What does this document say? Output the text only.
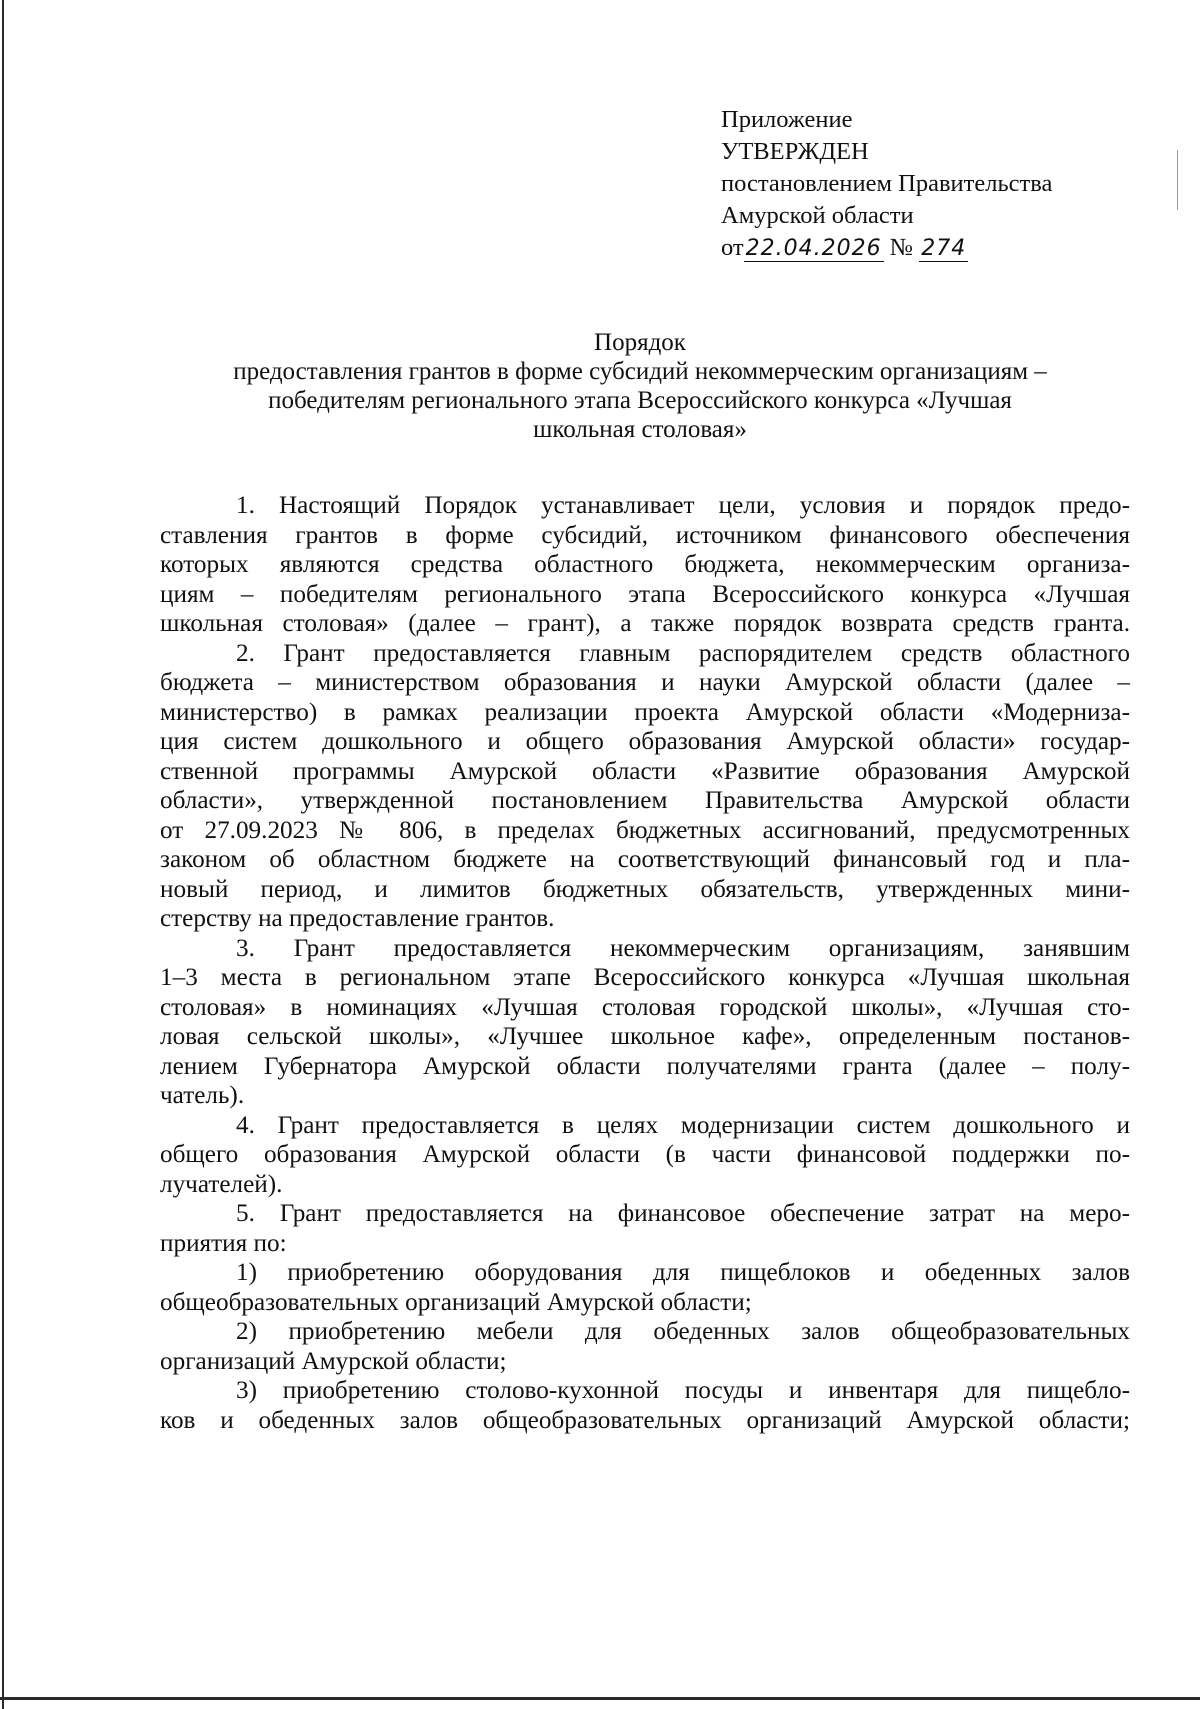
Приложение
УТВЕРЖДЕН
постановлением Правительства
Амурской области
от22.04.2026 № 274
Порядок
предоставления грантов в форме субсидий некоммерческим организациям –
победителям регионального этапа Всероссийского конкурса «Лучшая
школьная столовая»
1. Настоящий Порядок устанавливает цели, условия и порядок предо-
ставления грантов в форме субсидий, источником финансового обеспечения
которых являются средства областного бюджета, некоммерческим организа-
циям – победителям регионального этапа Всероссийского конкурса «Лучшая
школьная столовая» (далее – грант), а также порядок возврата средств гранта.
2. Грант предоставляется главным распорядителем средств областного
бюджета – министерством образования и науки Амурской области (далее –
министерство) в рамках реализации проекта Амурской области «Модерниза-
ция систем дошкольного и общего образования Амурской области» государ-
ственной программы Амурской области «Развитие образования Амурской
области», утвержденной постановлением Правительства Амурской области
от 27.09.2023 № 806, в пределах бюджетных ассигнований, предусмотренных
законом об областном бюджете на соответствующий финансовый год и пла-
новый период, и лимитов бюджетных обязательств, утвержденных мини-
стерству на предоставление грантов.
3. Грант предоставляется некоммерческим организациям, занявшим
1–3 места в региональном этапе Всероссийского конкурса «Лучшая школьная
столовая» в номинациях «Лучшая столовая городской школы», «Лучшая сто-
ловая сельской школы», «Лучшее школьное кафе», определенным постанов-
лением Губернатора Амурской области получателями гранта (далее – полу-
чатель).
4. Грант предоставляется в целях модернизации систем дошкольного и
общего образования Амурской области (в части финансовой поддержки по-
лучателей).
5. Грант предоставляется на финансовое обеспечение затрат на меро-
приятия по:
1) приобретению оборудования для пищеблоков и обеденных залов
общеобразовательных организаций Амурской области;
2) приобретению мебели для обеденных залов общеобразовательных
организаций Амурской области;
3) приобретению столово-кухонной посуды и инвентаря для пищебло-
ков и обеденных залов общеобразовательных организаций Амурской области;
